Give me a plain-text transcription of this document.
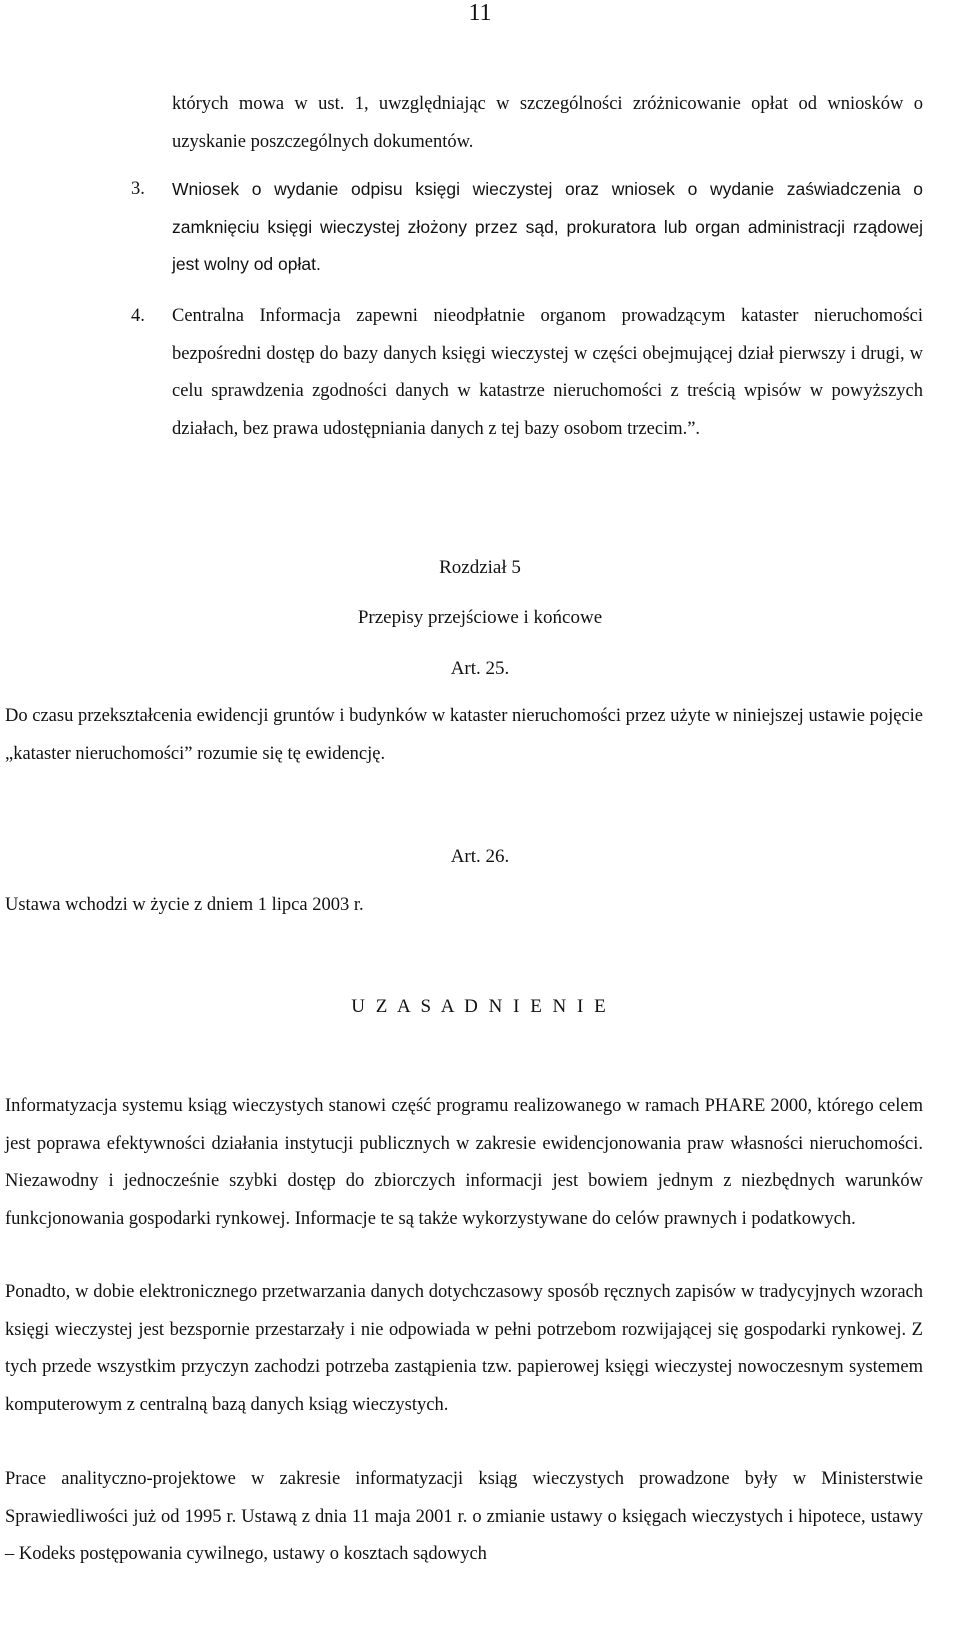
11

których mowa w ust. 1, uwzględniając w szczególności zróżnicowanie opłat od wniosków o uzyskanie poszczególnych dokumentów.

3.	Wniosek o wydanie odpisu księgi wieczystej oraz wniosek o wydanie zaświadczenia o zamknięciu księgi wieczystej złożony przez sąd, prokuratora lub organ administracji rządowej jest wolny od opłat.

4.	Centralna Informacja zapewni nieodpłatnie organom prowadzącym kataster nieruchomości bezpośredni dostęp do bazy danych księgi wieczystej w części obejmującej dział pierwszy i drugi, w celu sprawdzenia zgodności danych w katastrze nieruchomości z treścią wpisów w powyższych działach, bez prawa udostępniania danych z tej bazy osobom trzecim.”.

Rozdział 5
Przepisy przejściowe i końcowe
Art. 25.

Do czasu przekształcenia ewidencji gruntów i budynków w kataster nieruchomości przez użyte w niniejszej ustawie pojęcie „kataster nieruchomości” rozumie się tę ewidencję.

Art. 26.

Ustawa wchodzi w życie z dniem 1 lipca 2003 r.

U Z A S A D N I E N I E

Informatyzacja systemu ksiąg wieczystych stanowi część programu realizowanego w ramach PHARE 2000, którego celem jest poprawa efektywności działania instytucji publicznych w zakresie ewidencjonowania praw własności nieruchomości. Niezawodny i jednocześnie szybki dostęp do zbiorczych informacji jest bowiem jednym z niezbędnych warunków funkcjonowania gospodarki rynkowej. Informacje te są także wykorzystywane do celów prawnych i podatkowych.

Ponadto, w dobie elektronicznego przetwarzania danych dotychczasowy sposób ręcznych zapisów w tradycyjnych wzorach księgi wieczystej jest bezspornie przestarzały i nie odpowiada w pełni potrzebom rozwijającej się gospodarki rynkowej. Z tych przede wszystkim przyczyn zachodzi potrzeba zastąpienia tzw. papierowej księgi wieczystej nowoczesnym systemem komputerowym z centralną bazą danych ksiąg wieczystych.

Prace analityczno-projektowe w zakresie informatyzacji ksiąg wieczystych prowadzone były w Ministerstwie Sprawiedliwości już od 1995 r. Ustawą z dnia 11 maja 2001 r. o zmianie ustawy o księgach wieczystych i hipotece, ustawy – Kodeks postępowania cywilnego, ustawy o kosztach sądowych
